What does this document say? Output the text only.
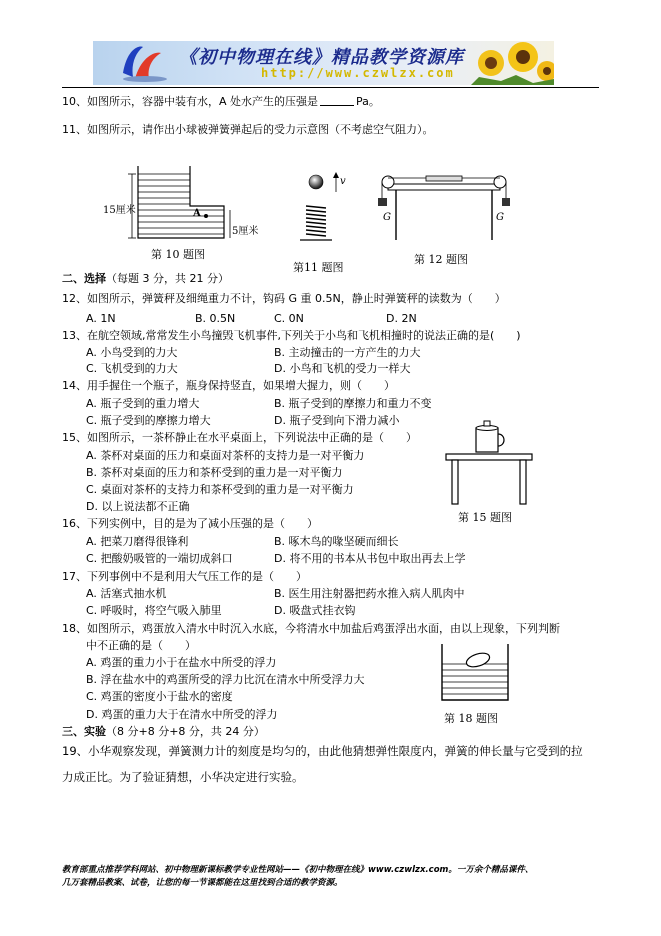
《初中物理在线》精品教学资源库
http://www.czwlzx.com
10、如图所示，容器中装有水，A 处水产生的压强是	Pa。
11、如图所示，请作出小球被弹簧弹起后的受力示意图（不考虑空气阻力）。
15厘米	A
5厘米
第 10 题图
v
第11 题图
G	G
第 12 题图
二、选择（每题 3 分，共 21 分）
12、如图所示，弹簧秤及细绳重力不计，钩码 G 重 0.5N，静止时弹簧秤的读数为（　　）
A. 1N	B. 0.5N	C. 0N	D. 2N
13、在航空领域,常常发生小鸟撞毁飞机事件,下列关于小鸟和飞机相撞时的说法正确的是(　　)
A. 小鸟受到的力大	B. 主动撞击的一方产生的力大
C. 飞机受到的力大	D. 小鸟和飞机的受力一样大
14、用手握住一个瓶子，瓶身保持竖直，如果增大握力，则（　　）
A. 瓶子受到的重力增大	B. 瓶子受到的摩擦力和重力不变
C. 瓶子受到的摩擦力增大	D. 瓶子受到向下滑力减小
15、如图所示，一茶杯静止在水平桌面上，下列说法中正确的是（　　）
A. 茶杯对桌面的压力和桌面对茶杯的支持力是一对平衡力
B. 茶杯对桌面的压力和茶杯受到的重力是一对平衡力
C. 桌面对茶杯的支持力和茶杯受到的重力是一对平衡力
D. 以上说法都不正确
第 15 题图
16、下列实例中，目的是为了减小压强的是（　　）
A. 把菜刀磨得很锋利	B. 啄木鸟的喙坚硬而细长
C. 把酸奶吸管的一端切成斜口	D. 将不用的书本从书包中取出再去上学
17、下列事例中不是利用大气压工作的是（　　）
A. 活塞式抽水机	B. 医生用注射器把药水推入病人肌肉中
C. 呼吸时，将空气吸入肺里	D. 吸盘式挂衣钩
18、如图所示，鸡蛋放入清水中时沉入水底，今将清水中加盐后鸡蛋浮出水面，由以上现象，下列判断
中不正确的是（　　）
A. 鸡蛋的重力小于在盐水中所受的浮力
B. 浮在盐水中的鸡蛋所受的浮力比沉在清水中所受浮力大
C. 鸡蛋的密度小于盐水的密度
D. 鸡蛋的重力大于在清水中所受的浮力	第 18 题图
三、实验（8 分+8 分+8 分，共 24 分）
19、小华观察发现，弹簧测力计的刻度是均匀的，由此他猜想弹性限度内，弹簧的伸长量与它受到的拉
力成正比。为了验证猜想，小华决定进行实验。
教育部重点推荐学科网站、初中物理新课标教学专业性网站——《初中物理在线》www.czwlzx.com。一万余个精品课件、
几万套精品教案、试卷，让您的每一节课都能在这里找到合适的教学资源。
